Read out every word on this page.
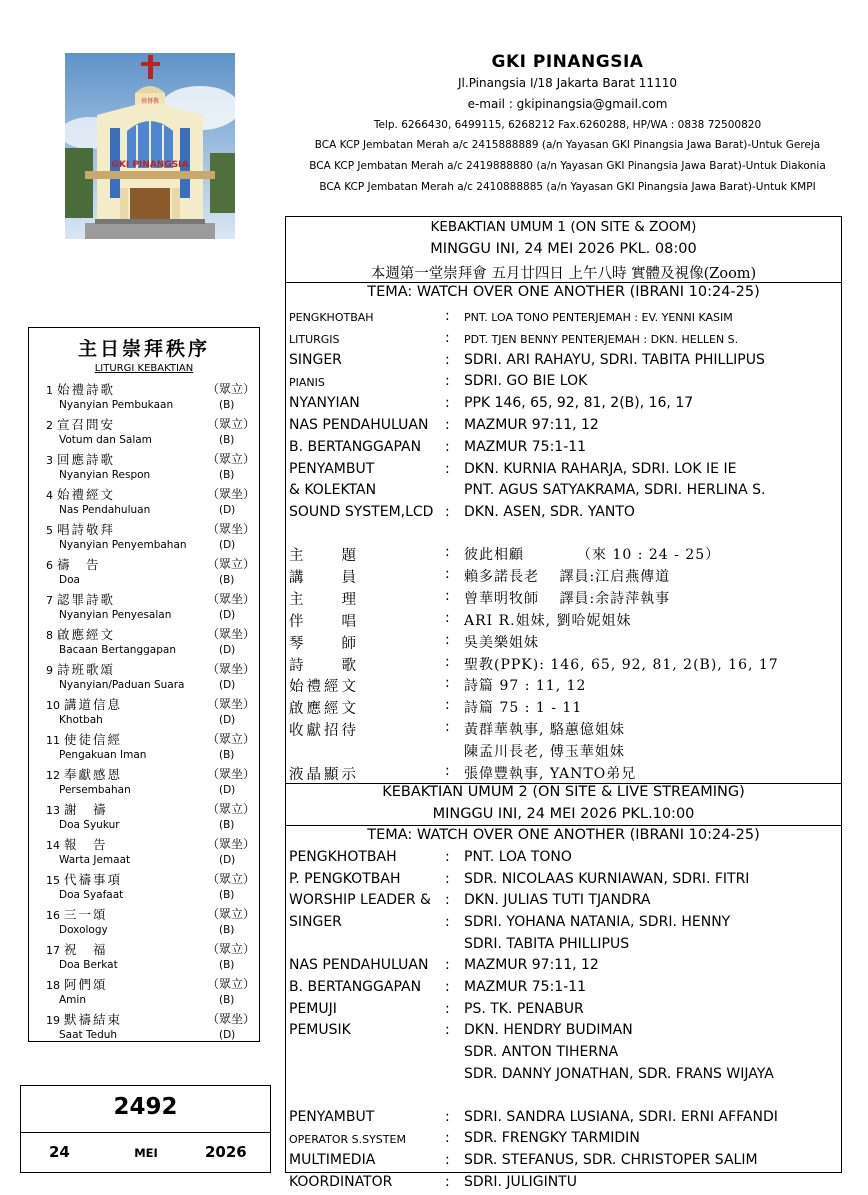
GKI PINANGSIA
基督教
GKI PINANGSIA
Jl.Pinangsia I/18 Jakarta Barat 11110
e-mail : gkipinangsia@gmail.com
Telp. 6266430, 6499115, 6268212 Fax.6260288, HP/WA : 0838 72500820
BCA KCP Jembatan Merah a/c 2415888889 (a/n Yayasan GKI Pinangsia Jawa Barat)-Untuk Gereja
BCA KCP Jembatan Merah a/c 2419888880 (a/n Yayasan GKI Pinangsia Jawa Barat)-Untuk Diakonia
BCA KCP Jembatan Merah a/c 2410888885 (a/n Yayasan GKI Pinangsia Jawa Barat)-Untuk KMPI
主日崇拜秩序
LITURGI KEBAKTIAN
1 始禮詩歌	（眾立）
Nyanyian Pembukaan	(B)
2 宣召問安	（眾立）
Votum dan Salam	(B)
3 回應詩歌	（眾立）
Nyanyian Respon	(B)
4 始禮經文	（眾坐）
Nas Pendahuluan	(D)
5 唱詩敬拜	（眾坐）
Nyanyian Penyembahan	(D)
6 禱　告	（眾立）
Doa	(B)
7 認罪詩歌	（眾坐）
Nyanyian Penyesalan	(D)
8 啟應經文	（眾坐）
Bacaan Bertanggapan	(D)
9 詩班歌頌	（眾坐）
Nyanyian/Paduan Suara	(D)
10 講道信息	（眾坐）
Khotbah	(D)
11 使徒信經	（眾立）
Pengakuan Iman	(B)
12 奉獻感恩	（眾坐）
Persembahan	(D)
13 謝　禱	（眾立）
Doa Syukur	(B)
14 報　告	（眾坐）
Warta Jemaat	(D)
15 代禱事項	（眾立）
Doa Syafaat	(B)
16 三一頌	（眾立）
Doxology	(B)
17 祝　福	（眾立）
Doa Berkat	(B)
18 阿們頌	（眾立）
Amin	(B)
19 默禱結束	（眾坐）
Saat Teduh	(D)
2492
24	MEI	2026
KEBAKTIAN UMUM 1 (ON SITE & ZOOM)
MINGGU INI, 24 MEI 2026 PKL. 08:00
本週第一堂崇拜會 五月廿四日 上午八時 實體及視像(Zoom)
TEMA: WATCH OVER ONE ANOTHER (IBRANI 10:24-25)
PENGKHOTBAH	: PNT. LOA TONO PENTERJEMAH : EV. YENNI KASIM
LITURGIS	: PDT. TJEN BENNY PENTERJEMAH : DKN. HELLEN S.
SINGER	: SDRI. ARI RAHAYU, SDRI. TABITA PHILLIPUS
PIANIS	: SDRI. GO BIE LOK
NYANYIAN	: PPK 146, 65, 92, 81, 2(B), 16, 17
NAS PENDAHULUAN : MAZMUR 97:11, 12
B. BERTANGGAPAN : MAZMUR 75:1-11
PENYAMBUT	: DKN. KURNIA RAHARJA, SDRI. LOK IE IE
& KOLEKTAN	PNT. AGUS SATYAKRAMA, SDRI. HERLINA S.
SOUND SYSTEM,LCD : DKN. ASEN, SDR. YANTO
主　　題	: 彼此相顧　　　　（來 10 : 24 - 25）
講　　員	: 賴多諾長老　 譯員:江启燕傳道
主　　理	: 曾華明牧師　 譯員:余詩萍執事
伴　　唱	: ARI R.姐妹, 劉哈妮姐妹
琴　　師	: 吳美樂姐妹
詩　　歌	: 聖教(PPK): 146, 65, 92, 81, 2(B), 16, 17
始禮經文	: 詩篇 97 : 11, 12
啟應經文	: 詩篇 75 : 1 - 11
收獻招待	: 黃群華執事, 駱蕙億姐妹
陳孟川長老, 傅玉華姐妹
液晶顯示	: 張偉豐執事, YANTO弟兄
KEBAKTIAN UMUM 2 (ON SITE & LIVE STREAMING)
MINGGU INI, 24 MEI 2026 PKL.10:00
TEMA: WATCH OVER ONE ANOTHER (IBRANI 10:24-25)
PENGKHOTBAH	: PNT. LOA TONO
P. PENGKOTBAH	: SDR. NICOLAAS KURNIAWAN, SDRI. FITRI
WORSHIP LEADER & : DKN. JULIAS TUTI TJANDRA
SINGER	: SDRI. YOHANA NATANIA, SDRI. HENNY
SDRI. TABITA PHILLIPUS
NAS PENDAHULUAN : MAZMUR 97:11, 12
B. BERTANGGAPAN : MAZMUR 75:1-11
PEMUJI	: PS. TK. PENABUR
PEMUSIK	: DKN. HENDRY BUDIMAN
SDR. ANTON TIHERNA
SDR. DANNY JONATHAN, SDR. FRANS WIJAYA
PENYAMBUT	: SDRI. SANDRA LUSIANA, SDRI. ERNI AFFANDI
OPERATOR S.SYSTEM	: SDR. FRENGKY TARMIDIN
MULTIMEDIA	: SDR. STEFANUS, SDR. CHRISTOPER SALIM
KOORDINATOR	: SDRI. JULIGINTU
